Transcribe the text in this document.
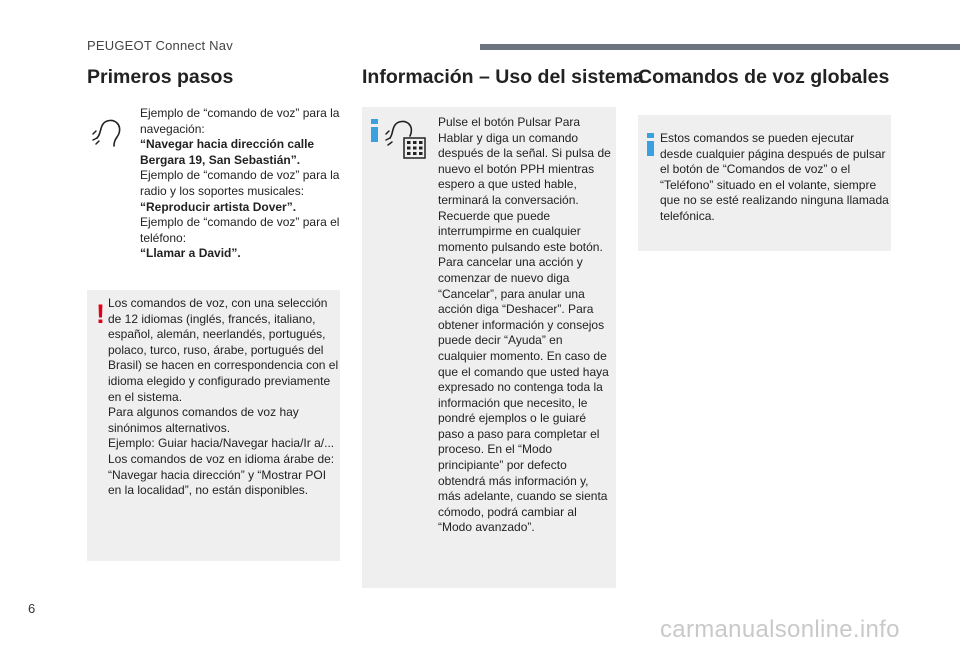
PEUGEOT Connect Nav
Primeros pasos
Ejemplo de “comando de voz” para la navegación:
“Navegar hacia dirección calle Bergara 19, San Sebastián”.
Ejemplo de “comando de voz” para la radio y los soportes musicales:
“Reproducir artista Dover”.
Ejemplo de “comando de voz” para el teléfono:
“Llamar a David”.
! Los comandos de voz, con una selección de 12 idiomas (inglés, francés, italiano, español, alemán, neerlandés, portugués, polaco, turco, ruso, árabe, portugués del Brasil) se hacen en correspondencia con el idioma elegido y configurado previamente en el sistema.
Para algunos comandos de voz hay sinónimos alternativos.
Ejemplo: Guiar hacia/Navegar hacia/Ir a/...
Los comandos de voz en idioma árabe de: “Navegar hacia dirección” y “Mostrar POI en la localidad”, no están disponibles.
Información – Uso del sistema
Pulse el botón Pulsar Para Hablar y diga un comando después de la señal. Si pulsa de nuevo el botón PPH mientras espero a que usted hable, terminará la conversación. Recuerde que puede interrumpirme en cualquier momento pulsando este botón. Para cancelar una acción y comenzar de nuevo diga “Cancelar”, para anular una acción diga “Deshacer”. Para obtener información y consejos puede decir “Ayuda” en cualquier momento. En caso de que el comando que usted haya expresado no contenga toda la información que necesito, le pondré ejemplos o le guiaré paso a paso para completar el proceso. En el “Modo principiante” por defecto obtendrá más información y, más adelante, cuando se sienta cómodo, podrá cambiar al “Modo avanzado”.
Comandos de voz globales
Estos comandos se pueden ejecutar desde cualquier página después de pulsar el botón de “Comandos de voz” o el “Teléfono” situado en el volante, siempre que no se esté realizando ninguna llamada telefónica.
6
carmanualsonline.info
